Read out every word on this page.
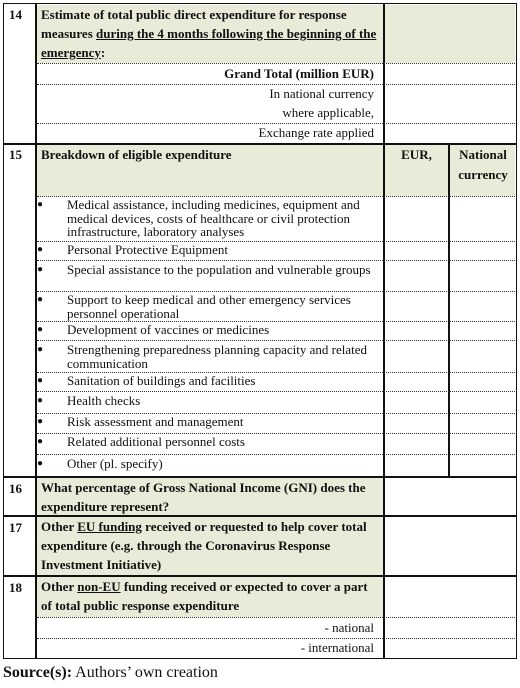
14 Estimate of total public direct expenditure for response measures during the 4 months following the beginning of the emergency:
Grand Total (million EUR)
In national currency
where applicable,
Exchange rate applied
15 Breakdown of eligible expenditure	EUR,	National currency
● Medical assistance, including medicines, equipment and medical devices, costs of healthcare or civil protection infrastructure, laboratory analyses
● Personal Protective Equipment
● Special assistance to the population and vulnerable groups
● Support to keep medical and other emergency services personnel operational
● Development of vaccines or medicines
● Strengthening preparedness planning capacity and related communication
● Sanitation of buildings and facilities
● Health checks
● Risk assessment and management
● Related additional personnel costs
● Other (pl. specify)
16 What percentage of Gross National Income (GNI) does the expenditure represent?
17 Other EU funding received or requested to help cover total expenditure (e.g. through the Coronavirus Response Investment Initiative)
18 Other non-EU funding received or expected to cover a part of total public response expenditure
- national
- international
Source(s): Authors’ own creation
